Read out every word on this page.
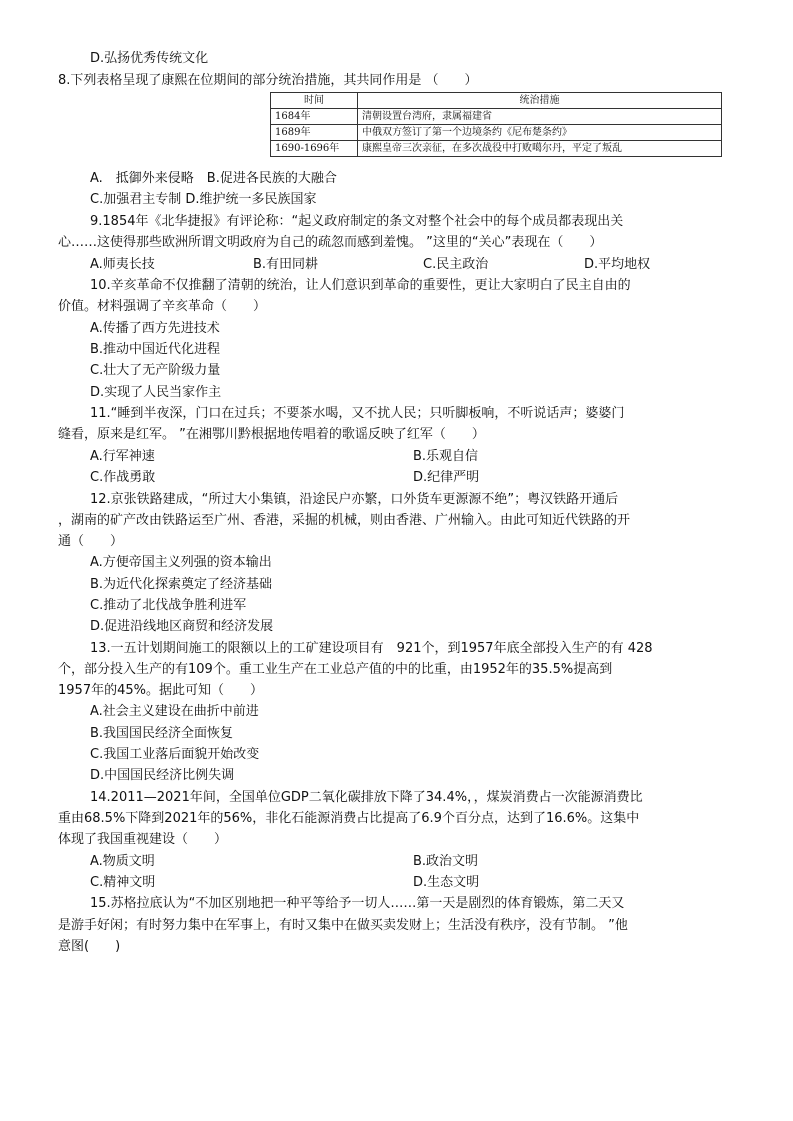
D.弘扬优秀传统文化
8.下列表格呈现了康熙在位期间的部分统治措施，其共同作用是 （　　）
时间	统治措施
1684年	清朝设置台湾府，隶属福建省
1689年	中俄双方签订了第一个边境条约《尼布楚条约》
1690-1696年	康熙皇帝三次亲征，在多次战役中打败噶尔丹，平定了叛乱
A.　抵御外来侵略　B.促进各民族的大融合
C.加强君主专制 D.维护统一多民族国家
9.1854年《北华捷报》有评论称：“起义政府制定的条文对整个社会中的每个成员都表现出关
心……这使得那些欧洲所谓文明政府为自己的疏忽而感到羞愧。 ”这里的“关心”表现在（　　）
A.师夷长技	B.有田同耕	C.民主政治	D.平均地权
10.辛亥革命不仅推翻了清朝的统治，让人们意识到革命的重要性，更让大家明白了民主自由的
价值。材料强调了辛亥革命（　　）
A.传播了西方先进技术
B.推动中国近代化进程
C.壮大了无产阶级力量
D.实现了人民当家作主
11.“睡到半夜深，门口在过兵；不要茶水喝，又不扰人民；只听脚板响，不听说话声；婆婆门
缝看，原来是红军。 ”在湘鄂川黔根据地传唱着的歌谣反映了红军（　　）
A.行军神速	B.乐观自信
C.作战勇敢	D.纪律严明
12.京张铁路建成，“所过大小集镇，沿途民户亦繁，口外货车更源源不绝”；粤汉铁路开通后
，湖南的矿产改由铁路运至广州、香港，采掘的机械，则由香港、广州输入。由此可知近代铁路的开
通（　　）
A.方便帝国主义列强的资本输出
B.为近代化探索奠定了经济基础
C.推动了北伐战争胜利进军
D.促进沿线地区商贸和经济发展
13.一五计划期间施工的限额以上的工矿建设项目有　921个，到1957年底全部投入生产的有 428
个，部分投入生产的有109个。重工业生产在工业总产值的中的比重，由1952年的35.5%提高到
1957年的45%。据此可知（　　）
A.社会主义建设在曲折中前进
B.我国国民经济全面恢复
C.我国工业落后面貌开始改变
D.中国国民经济比例失调
14.2011—2021年间，全国单位GDP二氧化碳排放下降了34.4%，，煤炭消费占一次能源消费比
重由68.5%下降到2021年的56%，非化石能源消费占比提高了6.9个百分点，达到了16.6%。这集中
体现了我国重视建设（　　）
A.物质文明	B.政治文明
C.精神文明	D.生态文明
15.苏格拉底认为“不加区别地把一种平等给予一切人……第一天是剧烈的体育锻炼，第二天又
是游手好闲；有时努力集中在军事上，有时又集中在做买卖发财上；生活没有秩序，没有节制。 ”他
意图(　　)
